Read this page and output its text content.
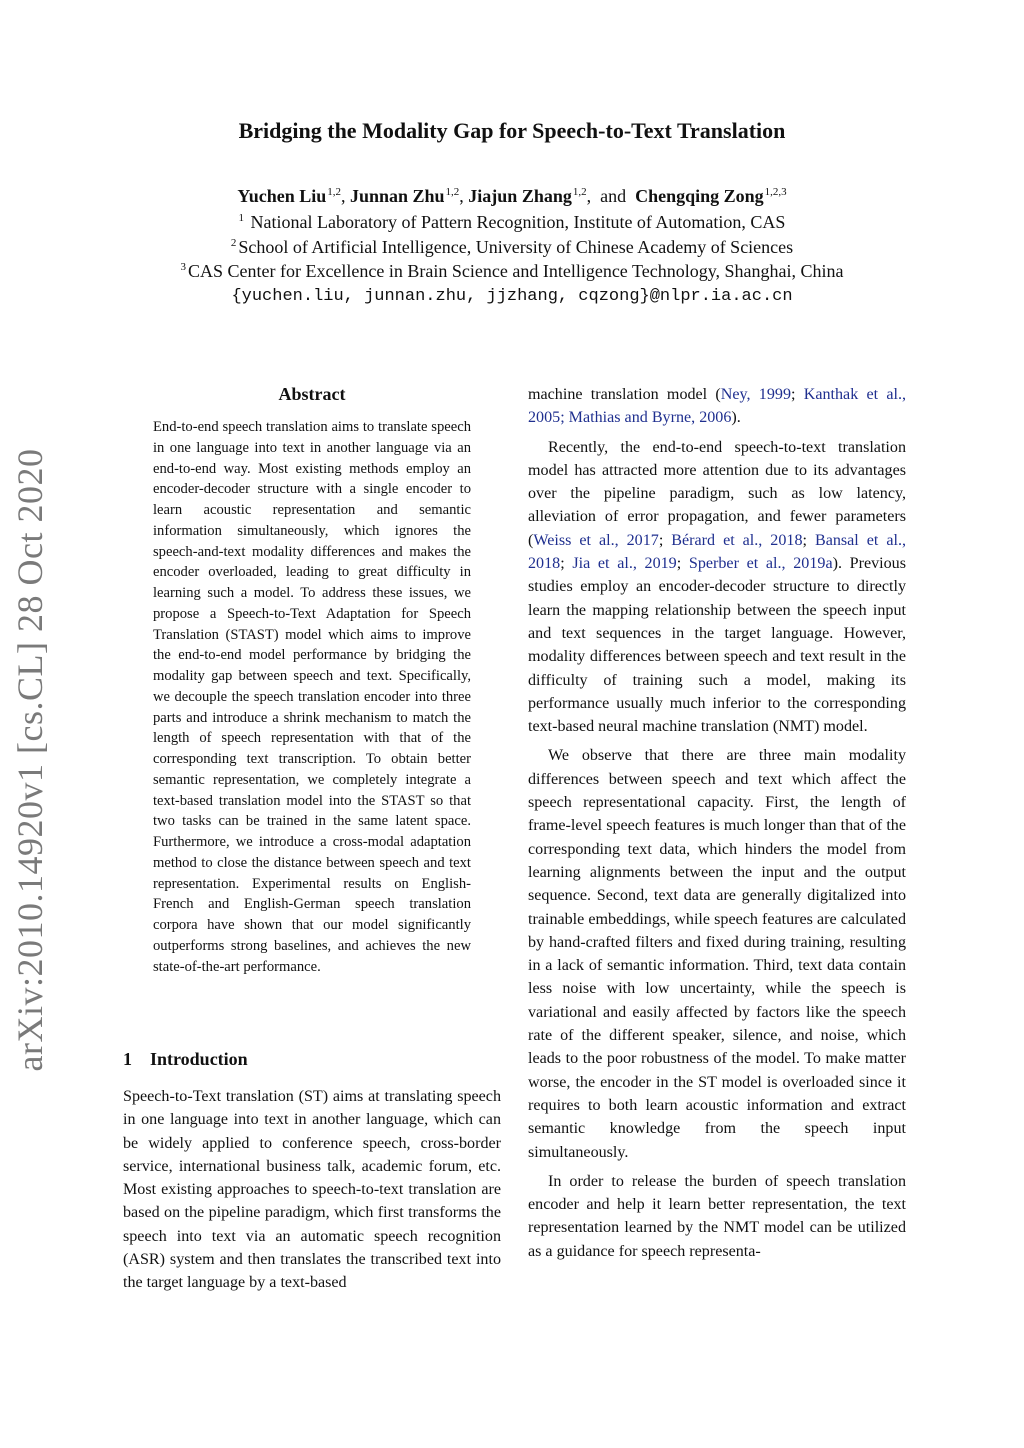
arXiv:2010.14920v1 [cs.CL] 28 Oct 2020
Bridging the Modality Gap for Speech-to-Text Translation
Yuchen Liu$^{1,2}$, Junnan Zhu$^{1,2}$, Jiajun Zhang$^{1,2}$,  and  Chengqing Zong$^{1,2,3}$
$^1$ National Laboratory of Pattern Recognition, Institute of Automation, CAS
$^2$ School of Artificial Intelligence, University of Chinese Academy of Sciences
$^3$ CAS Center for Excellence in Brain Science and Intelligence Technology, Shanghai, China
{yuchen.liu, junnan.zhu, jjzhang, cqzong}@nlpr.ia.ac.cn
Abstract
End-to-end speech translation aims to translate speech in one language into text in another language via an end-to-end way. Most existing methods employ an encoder-decoder structure with a single encoder to learn acoustic representation and semantic information simultaneously, which ignores the speech-and-text modality differences and makes the encoder overloaded, leading to great difficulty in learning such a model. To address these issues, we propose a Speech-to-Text Adaptation for Speech Translation (STAST) model which aims to improve the end-to-end model performance by bridging the modality gap between speech and text. Specifically, we decouple the speech translation encoder into three parts and introduce a shrink mechanism to match the length of speech representation with that of the corresponding text transcription. To obtain better semantic representation, we completely integrate a text-based translation model into the STAST so that two tasks can be trained in the same latent space. Furthermore, we introduce a cross-modal adaptation method to close the distance between speech and text representation. Experimental results on English-French and English-German speech translation corpora have shown that our model significantly outperforms strong baselines, and achieves the new state-of-the-art performance.
1 Introduction

Speech-to-Text translation (ST) aims at translating speech in one language into text in another language, which can be widely applied to conference speech, cross-border service, international business talk, academic forum, etc. Most existing approaches to speech-to-text translation are based on the pipeline paradigm, which first transforms the speech into text via an automatic speech recognition (ASR) system and then translates the transcribed text into the target language by a text-based

machine translation model (Ney, 1999; Kanthak et al., 2005; Mathias and Byrne, 2006).

Recently, the end-to-end speech-to-text translation model has attracted more attention due to its advantages over the pipeline paradigm, such as low latency, alleviation of error propagation, and fewer parameters (Weiss et al., 2017; Bérard et al., 2018; Bansal et al., 2018; Jia et al., 2019; Sperber et al., 2019a). Previous studies employ an encoder-decoder structure to directly learn the mapping relationship between the speech input and text sequences in the target language. However, modality differences between speech and text result in the difficulty of training such a model, making its performance usually much inferior to the corresponding text-based neural machine translation (NMT) model.

We observe that there are three main modality differences between speech and text which affect the speech representational capacity. First, the length of frame-level speech features is much longer than that of the corresponding text data, which hinders the model from learning alignments between the input and the output sequence. Second, text data are generally digitalized into trainable embeddings, while speech features are calculated by hand-crafted filters and fixed during training, resulting in a lack of semantic information. Third, text data contain less noise with low uncertainty, while the speech is variational and easily affected by factors like the speech rate of the different speaker, silence, and noise, which leads to the poor robustness of the model. To make matter worse, the encoder in the ST model is overloaded since it requires to both learn acoustic information and extract semantic knowledge from the speech input simultaneously.

In order to release the burden of speech translation encoder and help it learn better representation, the text representation learned by the NMT model can be utilized as a guidance for speech representa-
